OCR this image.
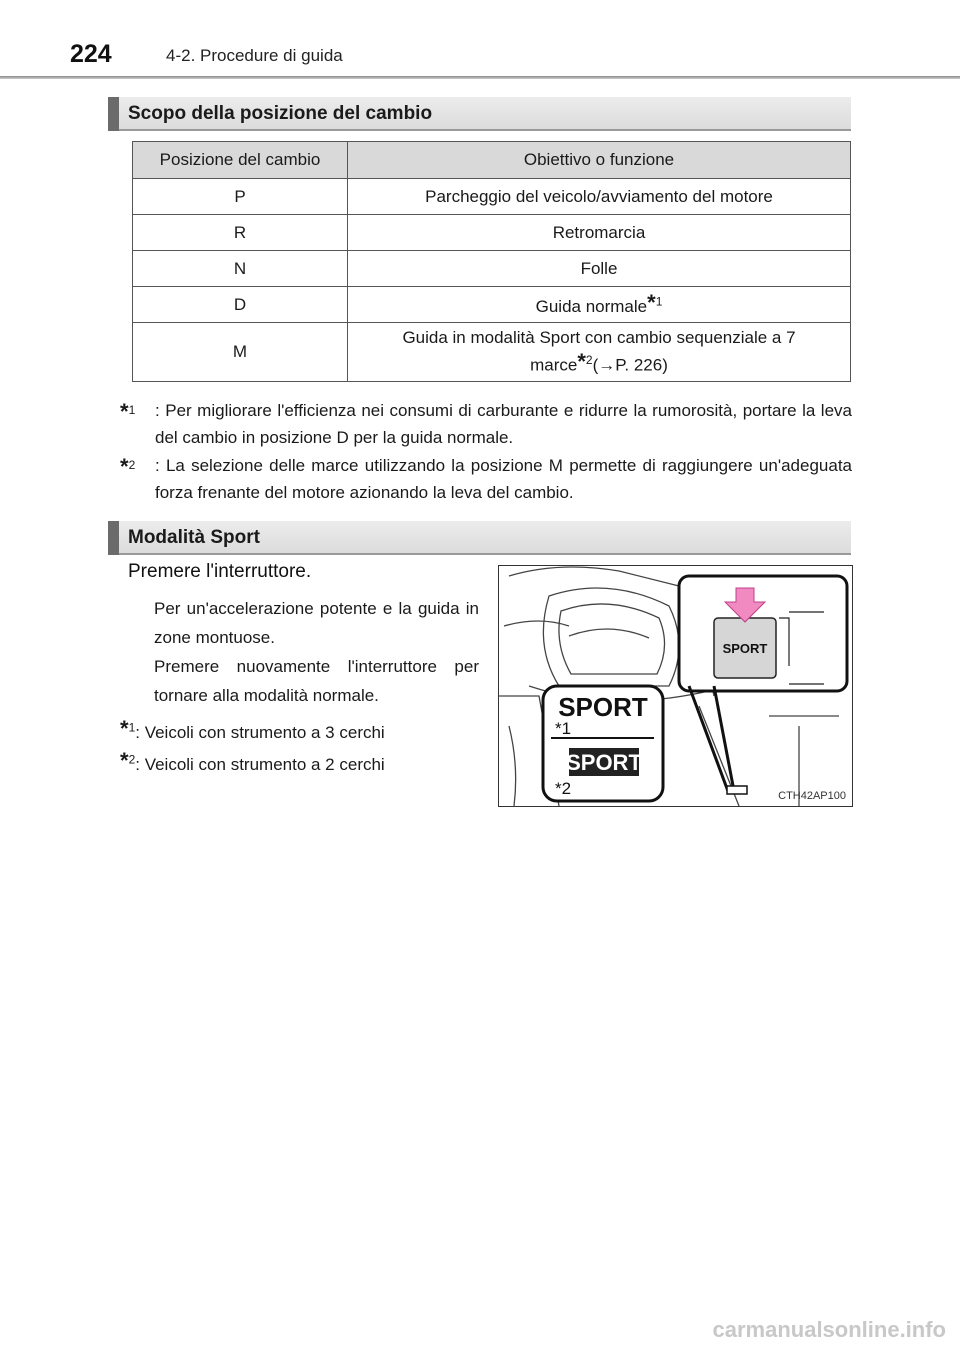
224	4-2. Procedure di guida
Scopo della posizione del cambio
Posizione del cambio	Obiettivo o funzione
P	Parcheggio del veicolo/avviamento del motore
R	Retromarcia
N	Folle
D	Guida normale*$^1$
M	Guida in modalità Sport con cambio sequenziale a 7
marce*$^2$(→P. 226)
*$^1$ : Per migliorare l'efficienza nei consumi di carburante e ridurre la rumorosità, portare la leva del cambio in posizione D per la guida normale.
*$^2$ : La selezione delle marce utilizzando la posizione M permette di raggiungere un'adeguata forza frenante del motore azionando la leva del cambio.
Modalità Sport
Premere l'interruttore.
Per un'accelerazione potente e la guida in zone montuose.
Premere nuovamente l'interruttore per tornare alla modalità normale.
*$^1$: Veicoli con strumento a 3 cerchi
*$^2$: Veicoli con strumento a 2 cerchi
SPORT
SPORT
SPORT
*1
*2	CTH42AP100
carmanualsonline.info
